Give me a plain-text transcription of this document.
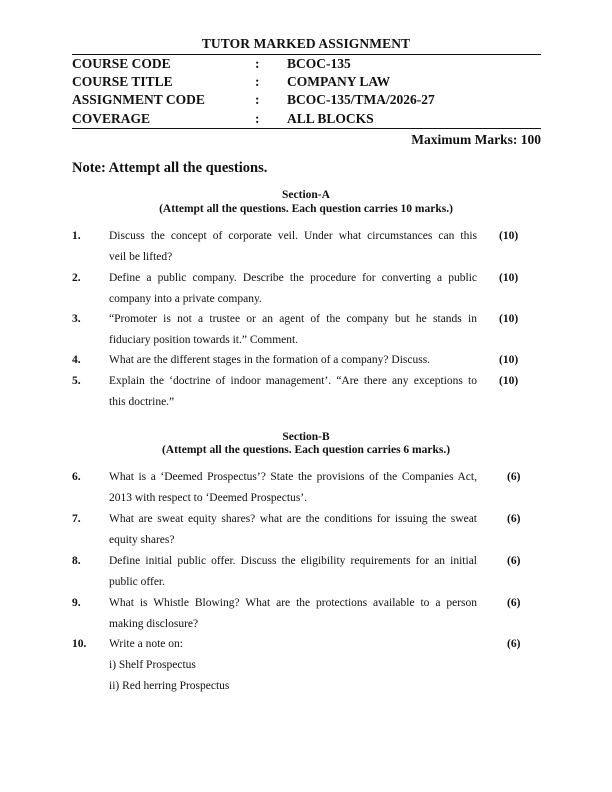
TUTOR MARKED ASSIGNMENT
COURSE CODE	: BCOC-135
COURSE TITLE	: COMPANY LAW
ASSIGNMENT CODE	: BCOC-135/TMA/2026-27
COVERAGE	: ALL BLOCKS
Maximum Marks: 100
Note: Attempt all the questions.
Section-A
(Attempt all the questions. Each question carries 10 marks.)
1. Discuss the concept of corporate veil. Under what circumstances can this
veil be lifted?
(10)
2. Define a public company. Describe the procedure for converting a public
company into a private company.
(10)
3. “Promoter is not a trustee or an agent of the company but he stands in
fiduciary position towards it.” Comment.
(10)
4. What are the different stages in the formation of a company? Discuss.	(10)
5. Explain the ‘doctrine of indoor management’. “Are there any exceptions to
this doctrine.”
(10)
Section-B
(Attempt all the questions. Each question carries 6 marks.)
6. What is a ‘Deemed Prospectus’? State the provisions of the Companies Act,
2013 with respect to ‘Deemed Prospectus’.
(6)
7. What are sweat equity shares? what are the conditions for issuing the sweat
equity shares?
(6)
8. Define initial public offer. Discuss the eligibility requirements for an initial
public offer.
(6)
9. What is Whistle Blowing? What are the protections available to a person
making disclosure?
(6)
10. Write a note on:
i) Shelf Prospectus
ii) Red herring Prospectus
(6)
